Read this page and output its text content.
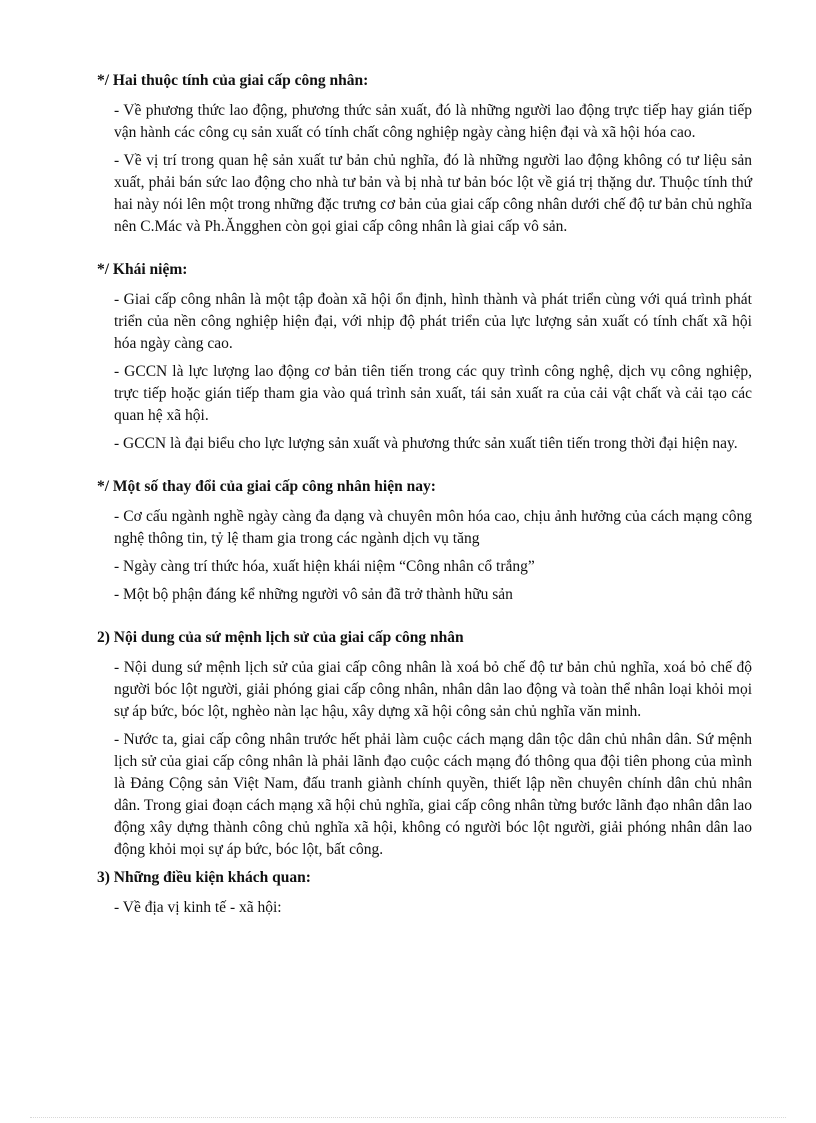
*/ Hai thuộc tính của giai cấp công nhân:

- Về phương thức lao động, phương thức sản xuất, đó là những người lao động trực tiếp hay gián tiếp vận hành các công cụ sản xuất có tính chất công nghiệp ngày càng hiện đại và xã hội hóa cao.

- Về vị trí trong quan hệ sản xuất tư bản chủ nghĩa, đó là những người lao động không có tư liệu sản xuất, phải bán sức lao động cho nhà tư bản và bị nhà tư bản bóc lột về giá trị thặng dư. Thuộc tính thứ hai này nói lên một trong những đặc trưng cơ bản của giai cấp công nhân dưới chế độ tư bản chủ nghĩa nên C.Mác và Ph.Ăngghen còn gọi giai cấp công nhân là giai cấp vô sản.

*/ Khái niệm:

- Giai cấp công nhân là một tập đoàn xã hội ổn định, hình thành và phát triển cùng với quá trình phát triển của nền công nghiệp hiện đại, với nhịp độ phát triển của lực lượng sản xuất có tính chất xã hội hóa ngày càng cao.

- GCCN là lực lượng lao động cơ bản tiên tiến trong các quy trình công nghệ, dịch vụ công nghiệp, trực tiếp hoặc gián tiếp tham gia vào quá trình sản xuất, tái sản xuất ra của cải vật chất và cải tạo các quan hệ xã hội.

- GCCN là đại biểu cho lực lượng sản xuất và phương thức sản xuất tiên tiến trong thời đại hiện nay.

*/ Một số thay đổi của giai cấp công nhân hiện nay:

- Cơ cấu ngành nghề ngày càng đa dạng và chuyên môn hóa cao, chịu ảnh hưởng của cách mạng công nghệ thông tin, tỷ lệ tham gia trong các ngành dịch vụ tăng

- Ngày càng trí thức hóa, xuất hiện khái niệm “Công nhân cổ trắng”

- Một bộ phận đáng kể những người vô sản đã trở thành hữu sản

2) Nội dung của sứ mệnh lịch sử của giai cấp công nhân

- Nội dung sứ mệnh lịch sử của giai cấp công nhân là xoá bỏ chế độ tư bản chủ nghĩa, xoá bỏ chế độ người bóc lột người, giải phóng giai cấp công nhân, nhân dân lao động và toàn thể nhân loại khỏi mọi sự áp bức, bóc lột, nghèo nàn lạc hậu, xây dựng xã hội công sản chủ nghĩa văn minh.

- Nước ta, giai cấp công nhân trước hết phải làm cuộc cách mạng dân tộc dân chủ nhân dân. Sứ mệnh lịch sử của giai cấp công nhân là phải lãnh đạo cuộc cách mạng đó thông qua đội tiên phong của mình là Đảng Cộng sản Việt Nam, đấu tranh giành chính quyền, thiết lập nền chuyên chính dân chủ nhân dân. Trong giai đoạn cách mạng xã hội chủ nghĩa, giai cấp công nhân từng bước lãnh đạo nhân dân lao động xây dựng thành công chủ nghĩa xã hội, không có người bóc lột người, giải phóng nhân dân lao động khỏi mọi sự áp bức, bóc lột, bất công.

3) Những điều kiện khách quan:

- Về địa vị kinh tế - xã hội:
